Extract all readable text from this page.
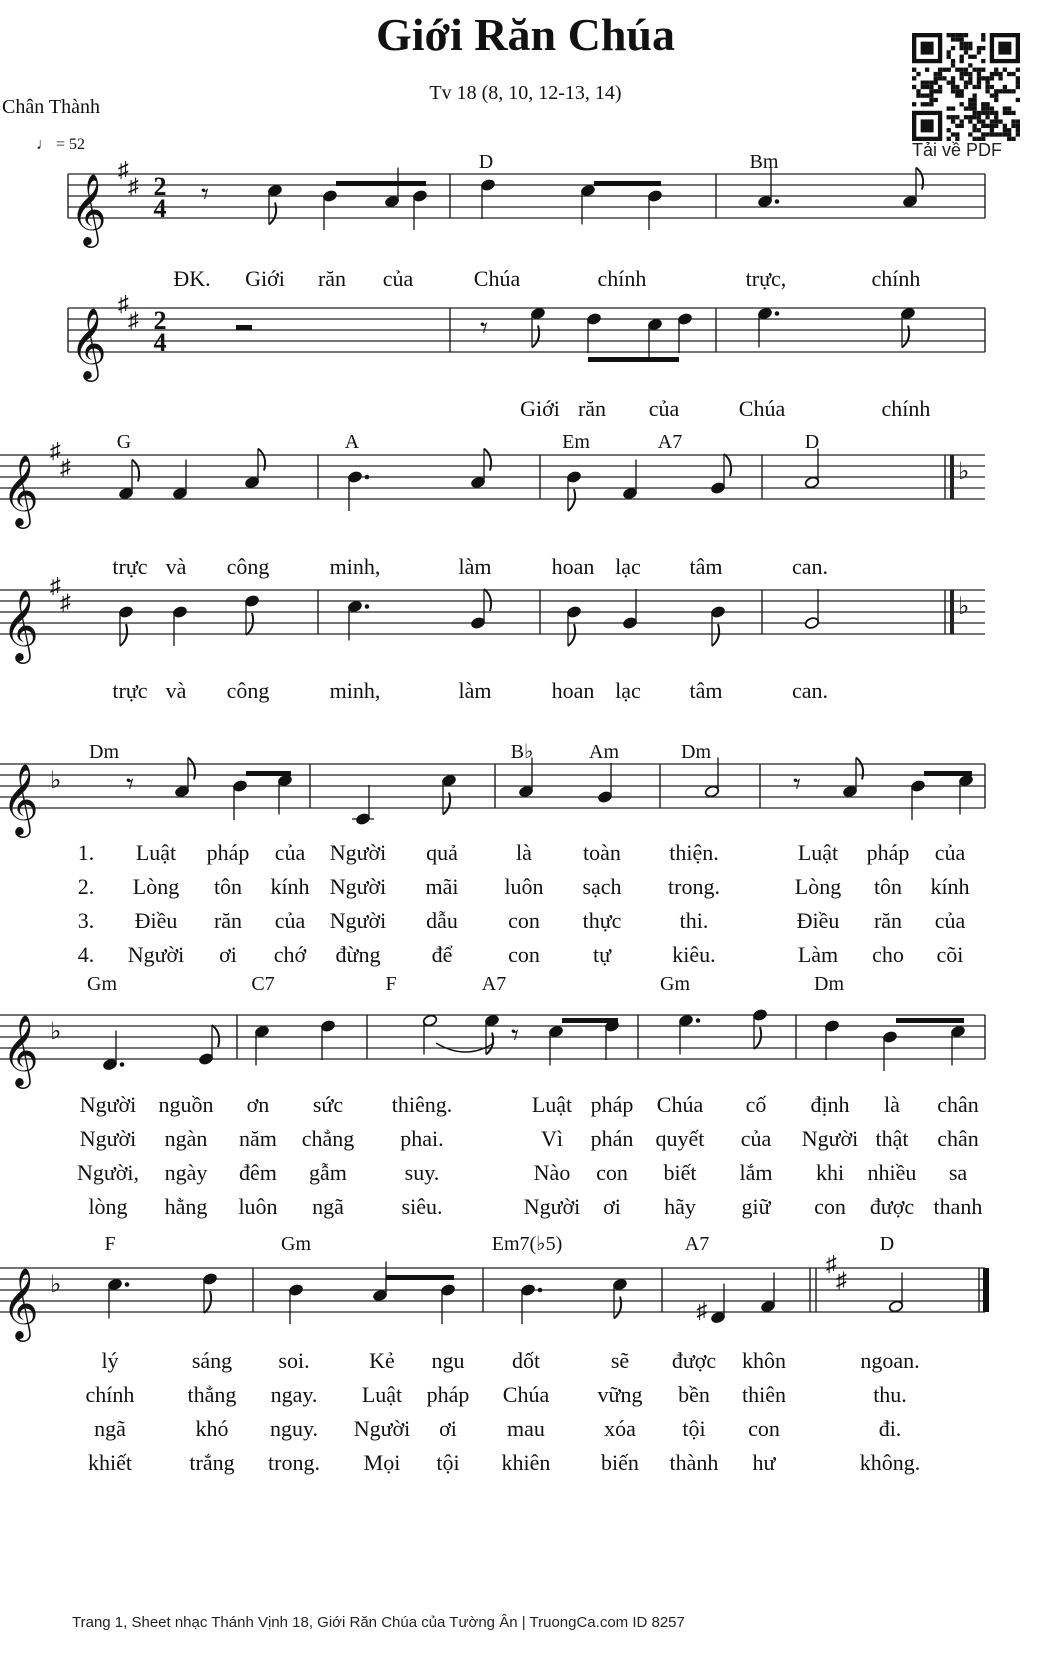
Giới Răn Chúa
Tv 18 (8, 10, 12-13, 14)
Chân Thành
♩ = 52	Tải về PDF
𝄞
♯
♯ 2
4 𝄾
D	Bm
ĐK. Giới răn của	Chúa	chính	trực,	chính
𝄞
♯
♯ 2
4	𝄾
Giới răn của	Chúa	chính
𝄞
♯
♯	♭
G	A	Em	A7	D
trực và công	minh,	làm	hoan lạc tâm	can.
𝄞
♯
♯	♭
trực và công	minh,	làm	hoan lạc tâm	can.
𝄞 ♭ 𝄾	𝄾
Dm	B♭	Am	Dm
1. Luật pháp của Người quả	là toàn thiện.	Luật pháp của
2. Lòng tôn kính Người mãi luôn sạch trong.	Lòng tôn kính
3. Điều răn của Người dẫu con thực	thi.	Điều răn của
4. Người ơi chớ đừng để	con tự	kiêu.	Làm cho cõi
𝄞 ♭	𝄾
Gm	C7	F	A7	Gm	Dm
Người nguồn ơn sức thiêng.	Luật pháp Chúa cố định là chân
Người ngàn năm chẳng phai.	Vì phán quyết của Người thật chân
Người, ngày đêm gẫm	suy.	Nào con biết lắm khi nhiều sa
lòng hằng luôn ngã	siêu.	Người ơi hãy giữ con được thanh
𝄞 ♭
♯
♯
♯
F	Gm	Em7(♭5)	A7	D
lý	sáng soi.	Kẻ ngu dốt	sẽ được khôn	ngoan.
chính thẳng ngay. Luật pháp Chúa vững bền thiên	thu.
ngã	khó nguy. Người ơi mau	xóa tội con	đi.
khiết	trắng trong. Mọi tội khiên biến thành hư	không.
Trang 1, Sheet nhạc Thánh Vịnh 18, Giới Răn Chúa của Tường Ân | TruongCa.com ID 8257
